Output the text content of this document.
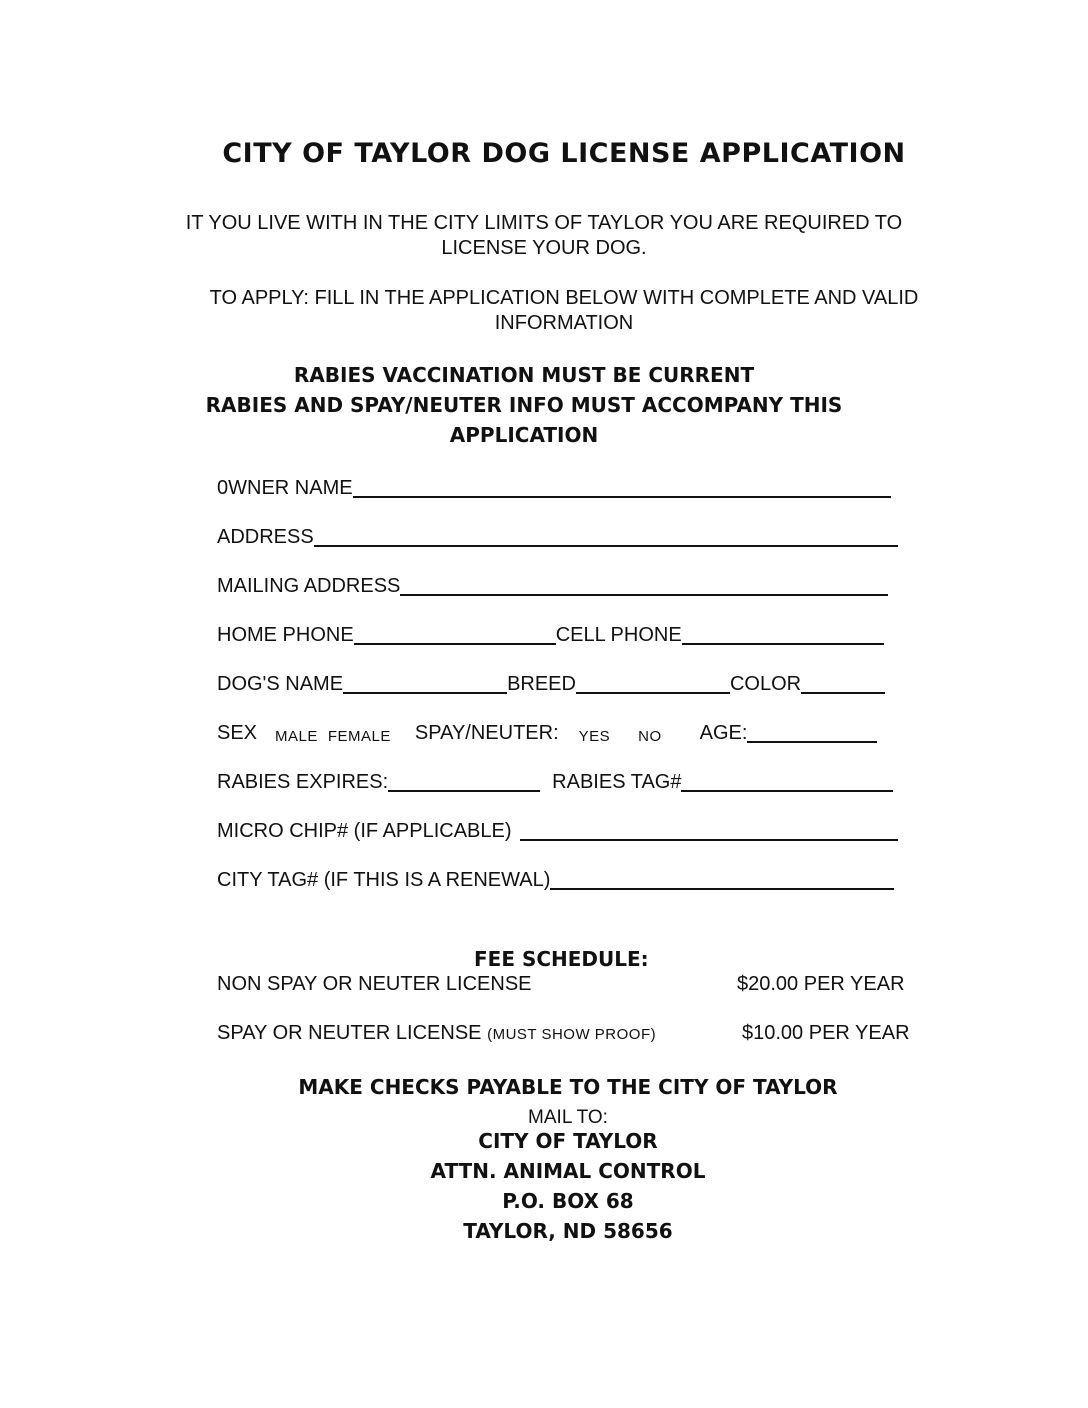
CITY OF TAYLOR DOG LICENSE APPLICATION
IT YOU LIVE WITH IN THE CITY LIMITS OF TAYLOR YOU ARE REQUIRED TO
LICENSE YOUR DOG.
TO APPLY: FILL IN THE APPLICATION BELOW WITH COMPLETE AND VALID
INFORMATION
RABIES VACCINATION MUST BE CURRENT
RABIES AND SPAY/NEUTER INFO MUST ACCOMPANY THIS
APPLICATION
0WNER NAME
ADDRESS
MAILING ADDRESS
HOME PHONE	CELL PHONE
DOG'S NAME	BREED	COLOR
SEX MALE FEMALE SPAY/NEUTER: YES NO AGE:
RABIES EXPIRES:	RABIES TAG#
MICRO CHIP# (IF APPLICABLE)
CITY TAG# (IF THIS IS A RENEWAL)
FEE SCHEDULE:
NON SPAY OR NEUTER LICENSE	$20.00 PER YEAR
SPAY OR NEUTER LICENSE (MUST SHOW PROOF)	$10.00 PER YEAR
MAKE CHECKS PAYABLE TO THE CITY OF TAYLOR
MAIL TO:
CITY OF TAYLOR
ATTN. ANIMAL CONTROL
P.O. BOX 68
TAYLOR, ND 58656
